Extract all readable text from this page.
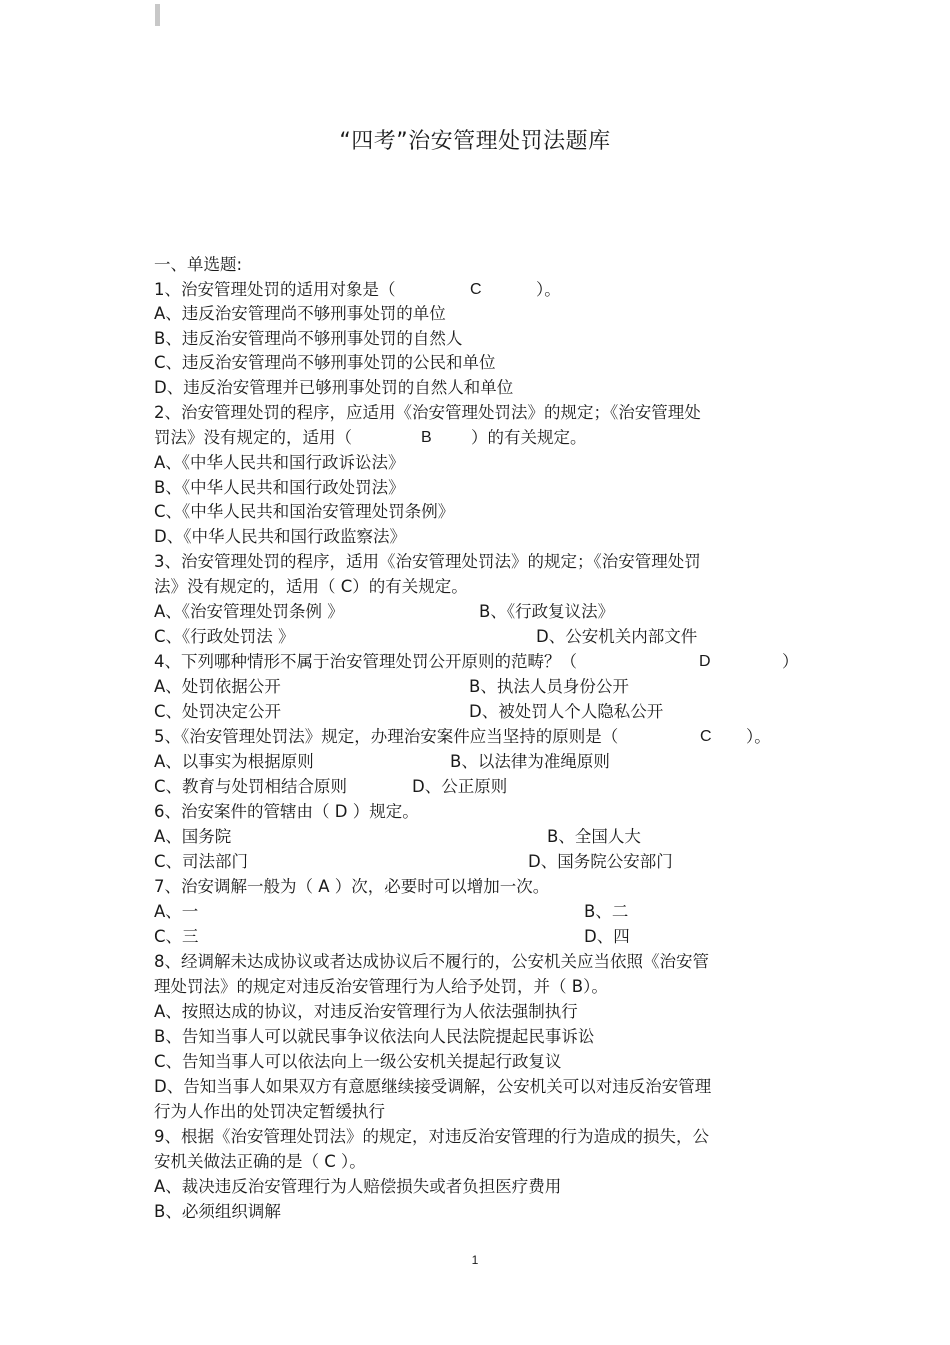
“四考”治安管理处罚法题库
一、单选题:
1、治安管理处罚的适用对象是（	C	）。
A、违反治安管理尚不够刑事处罚的单位
B、违反治安管理尚不够刑事处罚的自然人
C、违反治安管理尚不够刑事处罚的公民和单位
D、违反治安管理并已够刑事处罚的自然人和单位
2、治安管理处罚的程序，应适用《治安管理处罚法》的规定；《治安管理处
罚法》没有规定的，适用（	B ）的有关规定。
A、《中华人民共和国行政诉讼法》
B、《中华人民共和国行政处罚法》
C、《中华人民共和国治安管理处罚条例》
D、《中华人民共和国行政监察法》
3、治安管理处罚的程序，适用《治安管理处罚法》的规定；《治安管理处罚
法》没有规定的，适用（ C）的有关规定。
A、《治安管理处罚条例 》	B、《行政复议法》
C、《行政处罚法 》	D、公安机关内部文件
4、下列哪种情形不属于治安管理处罚公开原则的范畴？（	D	）
A、处罚依据公开	B、执法人员身份公开
C、处罚决定公开	D、被处罚人个人隐私公开
5、《治安管理处罚法》规定，办理治安案件应当坚持的原则是（	C ）。
A、以事实为根据原则	B、以法律为准绳原则
C、教育与处罚相结合原则	D、公正原则
6、治安案件的管辖由（ D ）规定。
A、国务院	B、全国人大
C、司法部门	D、国务院公安部门
7、治安调解一般为（ A ）次，必要时可以增加一次。
A、一	B、二
C、三	D、四
8、经调解未达成协议或者达成协议后不履行的，公安机关应当依照《治安管
理处罚法》的规定对违反治安管理行为人给予处罚，并（ B）。
A、按照达成的协议，对违反治安管理行为人依法强制执行
B、告知当事人可以就民事争议依法向人民法院提起民事诉讼
C、告知当事人可以依法向上一级公安机关提起行政复议
D、告知当事人如果双方有意愿继续接受调解，公安机关可以对违反治安管理
行为人作出的处罚决定暂缓执行
9、根据《治安管理处罚法》的规定，对违反治安管理的行为造成的损失，公
安机关做法正确的是（ C ）。
A、裁决违反治安管理行为人赔偿损失或者负担医疗费用
B、必须组织调解
1
